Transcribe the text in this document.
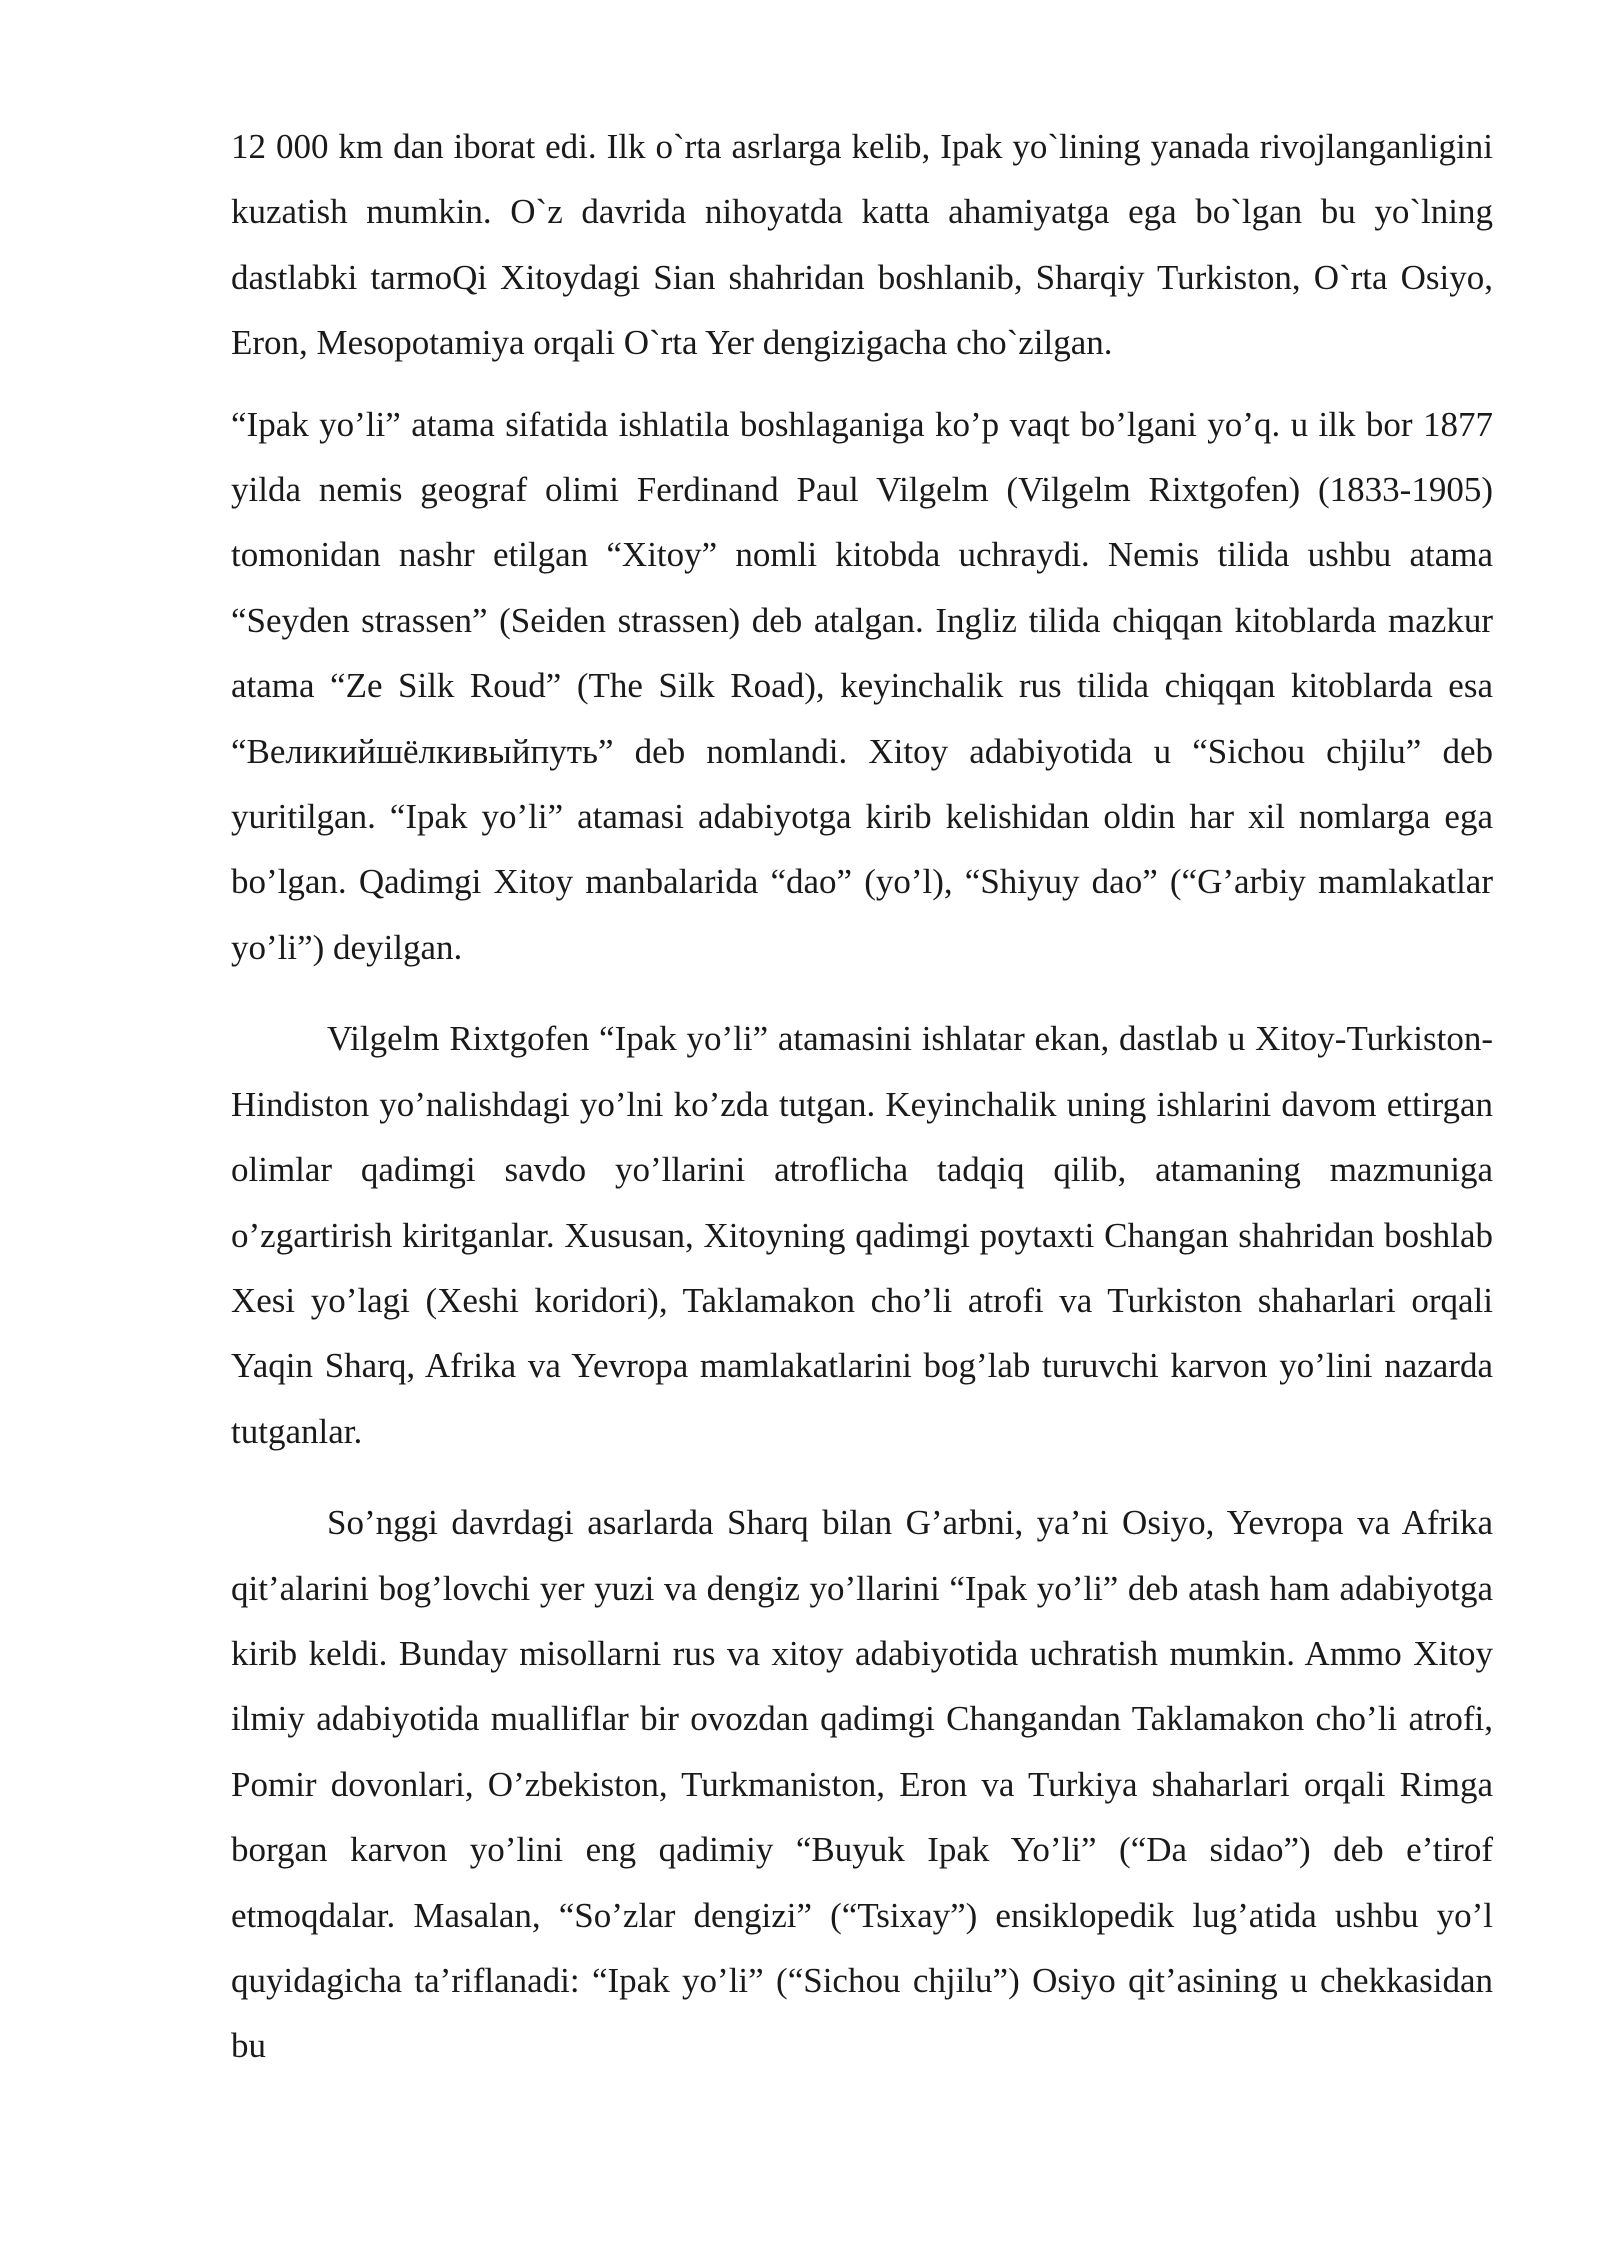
12 000 km dan iborat edi. Ilk o`rta asrlarga kelib, Ipak yo`lining yanada rivojlanganligini kuzatish mumkin. O`z davrida nihoyatda katta ahamiyatga ega bo`lgan bu yo`lning dastlabki tarmoQi Xitoydagi Sian shahridan boshlanib, Sharqiy Turkiston, O`rta Osiyo, Eron, Mesopotamiya orqali O`rta Yer dengizigacha cho`zilgan.

“Ipak yo’li” atama sifatida ishlatila boshlaganiga ko’p vaqt bo’lgani yo’q. u ilk bor 1877 yilda nemis geograf olimi Ferdinand Paul Vilgelm (Vilgelm Rixtgofen) (1833-1905) tomonidan nashr etilgan “Xitoy” nomli kitobda uchraydi. Nemis tilida ushbu atama “Seyden strassen” (Seiden strassen) deb atalgan. Ingliz tilida chiqqan kitoblarda mazkur atama “Ze Silk Roud” (The Silk Road), keyinchalik rus tilida chiqqan kitoblarda esa “Великийшёлкивыйпуть” deb nomlandi. Xitoy adabiyotida u “Sichou chjilu” deb yuritilgan. “Ipak yo’li” atamasi adabiyotga kirib kelishidan oldin har xil nomlarga ega bo’lgan. Qadimgi Xitoy manbalarida “dao” (yo’l), “Shiyuy dao” (“G’arbiy mamlakatlar yo’li”) deyilgan.

Vilgelm Rixtgofen “Ipak yo’li” atamasini ishlatar ekan, dastlab u Xitoy-Turkiston-Hindiston yo’nalishdagi yo’lni ko’zda tutgan. Keyinchalik uning ishlarini davom ettirgan olimlar qadimgi savdo yo’llarini atroflicha tadqiq qilib, atamaning mazmuniga o’zgartirish kiritganlar. Xususan, Xitoyning qadimgi poytaxti Changan shahridan boshlab Xesi yo’lagi (Xeshi koridori), Taklamakon cho’li atrofi va Turkiston shaharlari orqali Yaqin Sharq, Afrika va Yevropa mamlakatlarini bog’lab turuvchi karvon yo’lini nazarda tutganlar.

So’nggi davrdagi asarlarda Sharq bilan G’arbni, ya’ni Osiyo, Yevropa va Afrika qit’alarini bog’lovchi yer yuzi va dengiz yo’llarini “Ipak yo’li” deb atash ham adabiyotga kirib keldi. Bunday misollarni rus va xitoy adabiyotida uchratish mumkin. Ammo Xitoy ilmiy adabiyotida mualliflar bir ovozdan qadimgi Changandan Taklamakon cho’li atrofi, Pomir dovonlari, O’zbekiston, Turkmaniston, Eron va Turkiya shaharlari orqali Rimga borgan karvon yo’lini eng qadimiy “Buyuk Ipak Yo’li” (“Da sidao”) deb e’tirof etmoqdalar. Masalan, “So’zlar dengizi” (“Tsixay”) ensiklopedik lug’atida ushbu yo’l quyidagicha ta’riflanadi: “Ipak yo’li” (“Sichou chjilu”) Osiyo qit’asining u chekkasidan bu
